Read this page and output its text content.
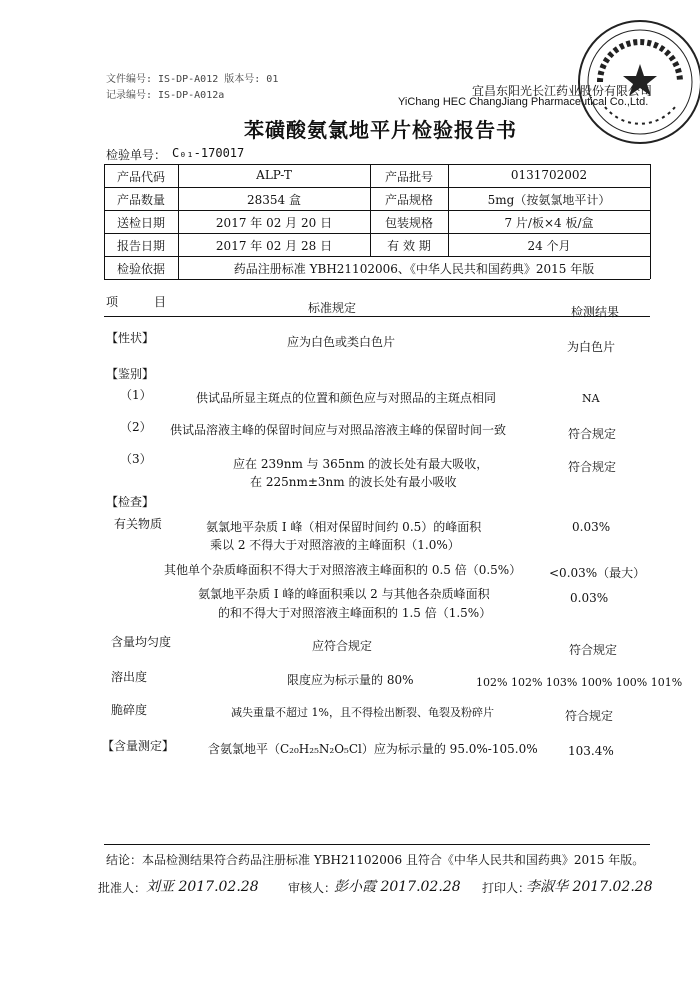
文件编号: IS-DP-A012 版本号: 01
记录编号: IS-DP-A012a	宜昌东阳光长江药业股份有限公司
YiChang HEC ChangJiang Pharmaceutical Co.,Ltd.
苯磺酸氨氯地平片检验报告书
检验单号： C₀₁-170017
产品代码	ALP-T	产品批号	0131702002
产品数量	28354 盒	产品规格	5mg（按氨氯地平计）
送检日期	2017 年 02 月 20 日	包装规格	7 片/板×4 板/盒
报告日期	2017 年 02 月 28 日	有 效 期	24 个月
检验依据	药品注册标准 YBH21102006、《中华人民共和国药典》2015 年版
项　　　目	标准规定	检测结果
【性状】	应为白色或类白色片	为白色片
【鉴别】
（1）	供试品所显主斑点的位置和颜色应与对照品的主斑点相同	NA
（2） 供试品溶液主峰的保留时间应与对照品溶液主峰的保留时间一致	符合规定
（3）	应在 239nm 与 365nm 的波长处有最大吸收，
在 225nm±3nm 的波长处有最小吸收
符合规定
【检查】
有关物质	氨氯地平杂质 I 峰（相对保留时间约 0.5）的峰面积
乘以 2 不得大于对照溶液的主峰面积（1.0%）
0.03%
其他单个杂质峰面积不得大于对照溶液主峰面积的 0.5 倍（0.5%） <0.03%（最大）
氨氯地平杂质 I 峰的峰面积乘以 2 与其他各杂质峰面积
的和不得大于对照溶液主峰面积的 1.5 倍（1.5%）
0.03%
含量均匀度	应符合规定	符合规定
溶出度	限度应为标示量的 80%	102% 102% 103% 100% 100% 101%
脆碎度	减失重量不超过 1%，且不得检出断裂、龟裂及粉碎片	符合规定
【含量测定】	含氨氯地平（C₂₀H₂₅N₂O₅Cl）应为标示量的 95.0%-105.0%	103.4%
结论：本品检测结果符合药品注册标准 YBH21102006 且符合《中华人民共和国药典》2015 年版。
批准人： 刘亚 2017.02.28 审核人：
彭小霞 2017.02.28 打印人：
李淑华 2017.02.28
